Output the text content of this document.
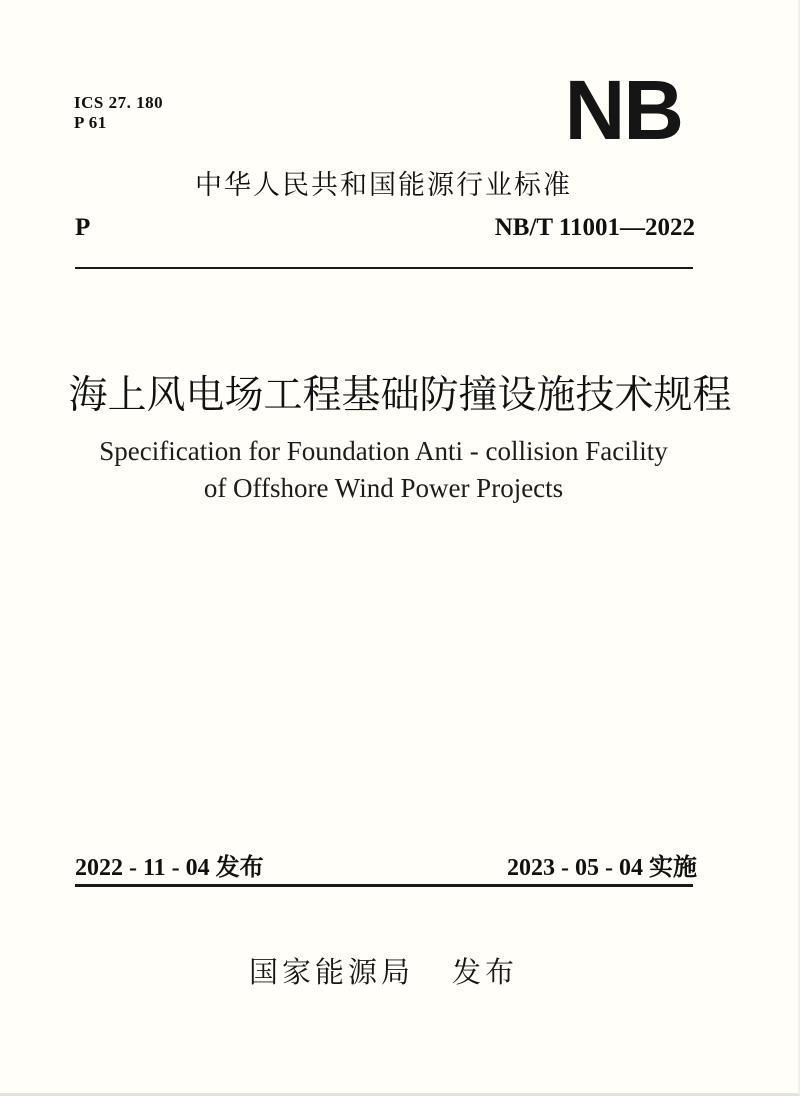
ICS 27. 180
P 61	NB
中华人民共和国能源行业标准
P	NB/T 11001—2022
海上风电场工程基础防撞设施技术规程
Specification for Foundation Anti - collision Facility
of Offshore Wind Power Projects
2022 - 11 - 04 发布	2023 - 05 - 04 实施
国家能源局 发布
